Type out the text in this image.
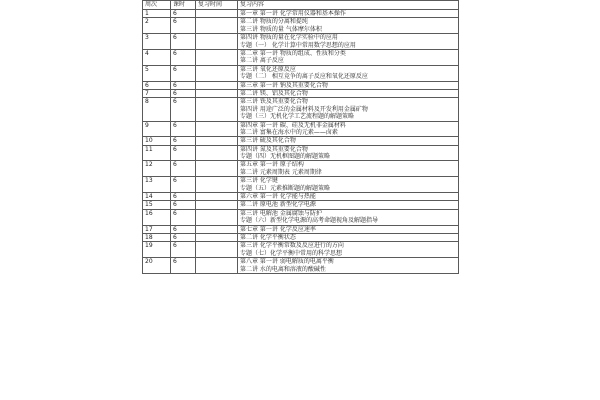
周次	课时	复习时间	复习内容
1	6		第一章 第一讲 化学常用仪器和基本操作

2	6		第二讲 物质的分离和提纯
第三讲 物质的量 气体摩尔体积

3	6		第四讲 物质的量在化学实验中的应用
专题（一） 化学计算中常用数学思想的应用

4	6		第二章 第一讲 物质的组成、性质和分类
第二讲 离子反应

5	6		第三讲 氧化还原反应
专题（二） 相互竞争的离子反应和氧化还原反应

6	6		第三章 第一讲 钠及其重要化合物

7	6		第二讲 镁、铝及其化合物

8	6		第三讲 铁及其重要化合物
第四讲 用途广泛的金属材料及开发利用金属矿物
专题（三）无机化学工艺流程题的解题策略

9	6		第四章 第一讲 碳、硅及无机非金属材料
第二讲 富集在海水中的元素——卤素

10	6		第三讲 硫及其化合物

11	6		第四讲 氮及其重要化合物
专题（四）无机框图题的解题策略

12	6		第五章 第一讲 原子结构
第二讲 元素周期表 元素周期律

13	6		第三讲 化学键
专题（五）元素推断题的解题策略

14	6		第六章 第一讲 化学能与热能

15	6		第二讲 原电池 新型化学电源

16	6		第三讲 电解池 金属腐蚀与防护
专题（六）新型化学电源的高考命题视角及解题指导

17	6		第七章 第一讲 化学反应速率

18	6		第二讲 化学平衡状态

19	6		第三讲 化学平衡常数及反应进行的方向
专题（七）化学平衡中常用的科学思想

20	6		第八章 第一讲 弱电解质的电离平衡
第二讲 水的电离和溶液的酸碱性
